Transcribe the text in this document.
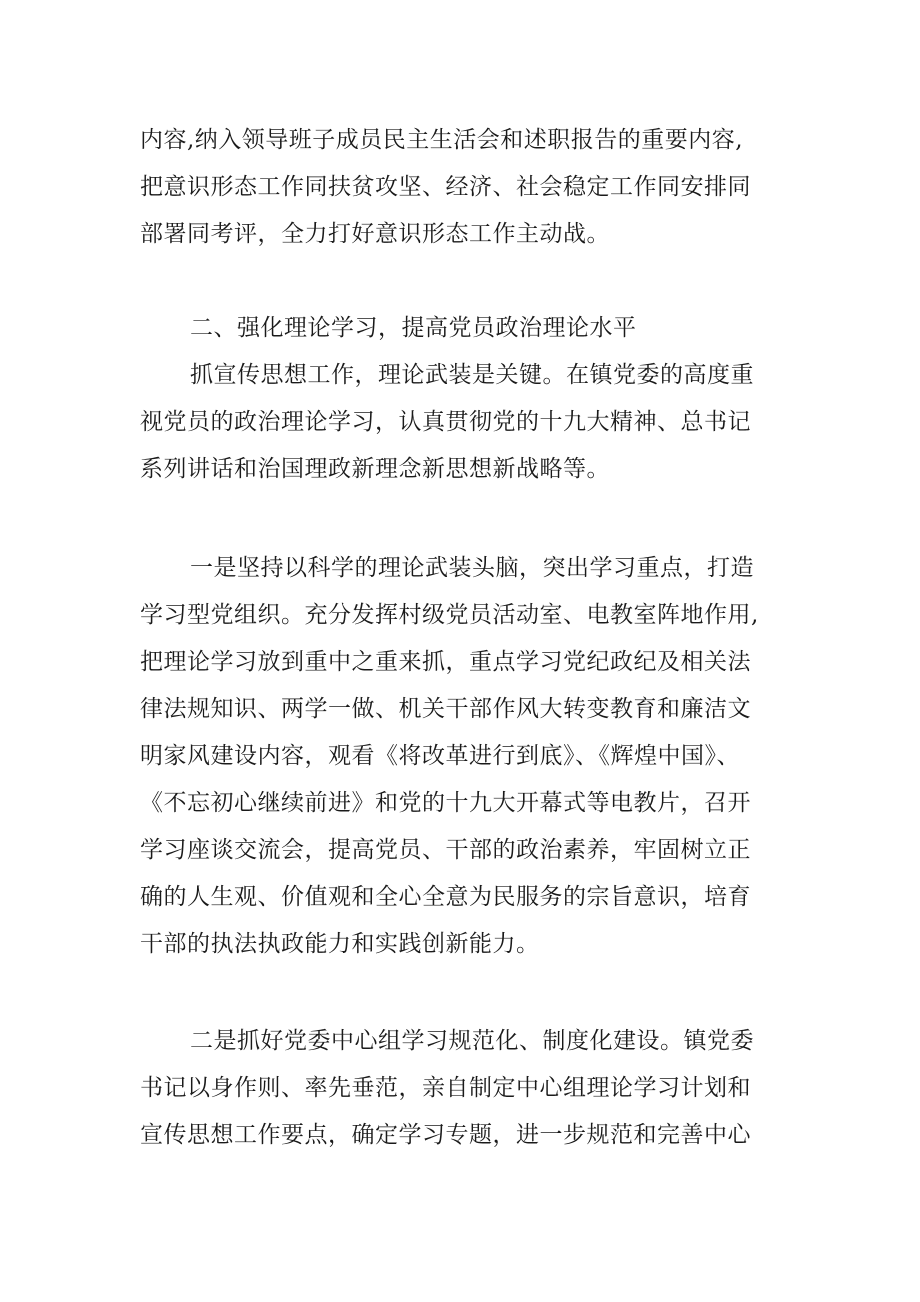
内容,纳入领导班子成员民主生活会和述职报告的重要内容,
把意识形态工作同扶贫攻坚、经济、社会稳定工作同安排同
部署同考评，全力打好意识形态工作主动战。
二、强化理论学习，提高党员政治理论水平
抓宣传思想工作，理论武装是关键。在镇党委的高度重
视党员的政治理论学习，认真贯彻党的十九大精神、总书记
系列讲话和治国理政新理念新思想新战略等。
一是坚持以科学的理论武装头脑，突出学习重点，打造
学习型党组织。充分发挥村级党员活动室、电教室阵地作用,
把理论学习放到重中之重来抓，重点学习党纪政纪及相关法
律法规知识、两学一做、机关干部作风大转变教育和廉洁文
明家风建设内容，观看《将改革进行到底》、《辉煌中国》、
《不忘初心继续前进》和党的十九大开幕式等电教片，召开
学习座谈交流会，提高党员、干部的政治素养，牢固树立正
确的人生观、价值观和全心全意为民服务的宗旨意识，培育
干部的执法执政能力和实践创新能力。
二是抓好党委中心组学习规范化、制度化建设。镇党委
书记以身作则、率先垂范，亲自制定中心组理论学习计划和
宣传思想工作要点，确定学习专题，进一步规范和完善中心
